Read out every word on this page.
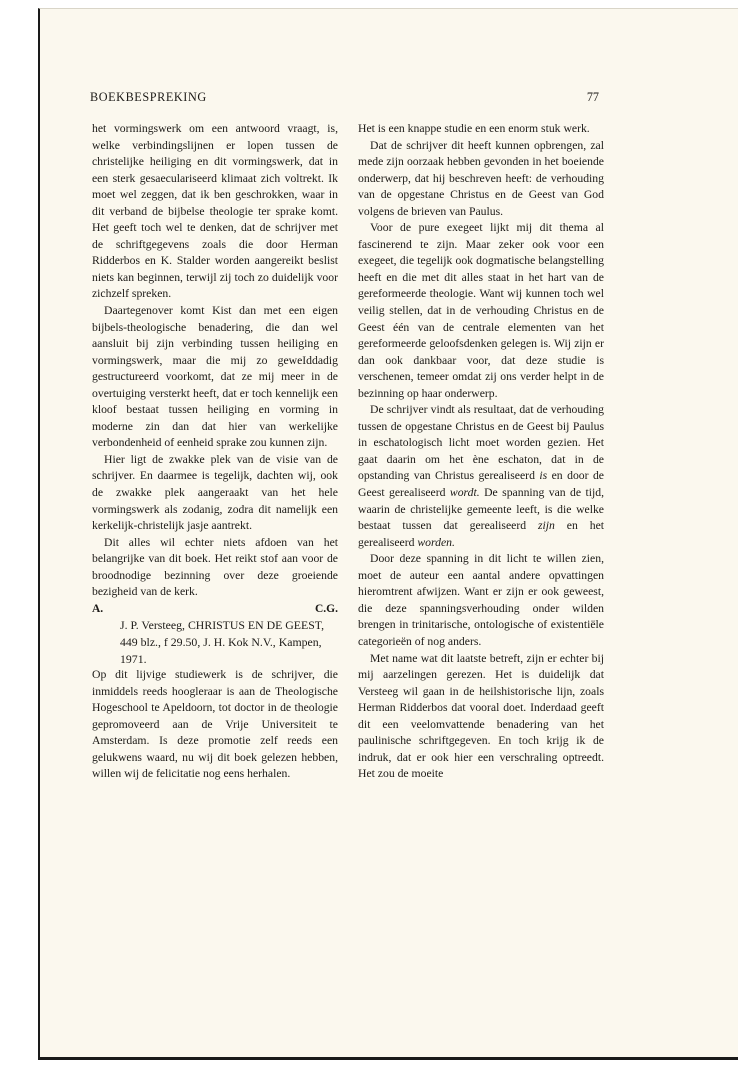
BOEKBESPREKING	77

het vormingswerk om een antwoord vraagt, is, welke verbindingslijnen er lopen tussen de christelijke heiliging en dit vormingswerk, dat in een sterk gesaeculariseerd klimaat zich voltrekt. Ik moet wel zeggen, dat ik ben geschrokken, waar in dit verband de bijbelse theologie ter sprake komt. Het geeft toch wel te denken, dat de schrijver met de schriftgegevens zoals die door Herman Ridderbos en K. Stalder worden aangereikt beslist niets kan beginnen, terwijl zij toch zo duidelijk voor zichzelf spreken.

Daartegenover komt Kist dan met een eigen bijbels-theologische benadering, die dan wel aansluit bij zijn verbinding tussen heiliging en vormingswerk, maar die mij zo geweIddadig gestructureerd voorkomt, dat ze mij meer in de overtuiging versterkt heeft, dat er toch kennelijk een kloof bestaat tussen heiliging en vorming in moderne zin dan dat hier van werkelijke verbondenheid of eenheid sprake zou kunnen zijn.

Hier ligt de zwakke plek van de visie van de schrijver. En daarmee is tegelijk, dachten wij, ook de zwakke plek aangeraakt van het hele vormingswerk als zodanig, zodra dit namelijk een kerkelijk-christelijk jasje aantrekt.

Dit alles wil echter niets afdoen van het belangrijke van dit boek. Het reikt stof aan voor de broodnodige bezinning over deze groeiende bezigheid van de kerk.

A.	C.G.

J. P. Versteeg, CHRISTUS EN DE GEEST, 449 blz., f 29.50, J. H. Kok N.V., Kampen, 1971.

Op dit lijvige studiewerk is de schrijver, die inmiddels reeds hoogleraar is aan de Theologische Hogeschool te Apeldoorn, tot doctor in de theologie gepromoveerd aan de Vrije Universiteit te Amsterdam. Is deze promotie zelf reeds een gelukwens waard, nu wij dit boek gelezen hebben, willen wij de felicitatie nog eens herhalen.

Het is een knappe studie en een enorm stuk werk.

Dat de schrijver dit heeft kunnen opbrengen, zal mede zijn oorzaak hebben gevonden in het boeiende onderwerp, dat hij beschreven heeft: de verhouding van de opgestane Christus en de Geest van God volgens de brieven van Paulus.

Voor de pure exegeet lijkt mij dit thema al fascinerend te zijn. Maar zeker ook voor een exegeet, die tegelijk ook dogmatische belangstelling heeft en die met dit alles staat in het hart van de gereformeerde theologie. Want wij kunnen toch wel veilig stellen, dat in de verhouding Christus en de Geest één van de centrale elementen van het gereformeerde geloofsdenken gelegen is. Wij zijn er dan ook dankbaar voor, dat deze studie is verschenen, temeer omdat zij ons verder helpt in de bezinning op haar onderwerp.

De schrijver vindt als resultaat, dat de verhouding tussen de opgestane Christus en de Geest bij Paulus in eschatologisch licht moet worden gezien. Het gaat daarin om het ène eschaton, dat in de opstanding van Christus gerealiseerd is en door de Geest gerealiseerd wordt. De spanning van de tijd, waarin de christelijke gemeente leeft, is die welke bestaat tussen dat gerealiseerd zijn en het gerealiseerd worden.

Door deze spanning in dit licht te willen zien, moet de auteur een aantal andere opvattingen hieromtrent afwijzen. Want er zijn er ook geweest, die deze spanningsverhouding onder wilden brengen in trinitarische, ontologische of existentiële categorieën of nog anders.

Met name wat dit laatste betreft, zijn er echter bij mij aarzelingen gerezen. Het is duidelijk dat Versteeg wil gaan in de heilshistorische lijn, zoals Herman Ridderbos dat vooral doet. Inderdaad geeft dit een veelomvattende benadering van het paulinische schriftgegeven. En toch krijg ik de indruk, dat er ook hier een verschraling optreedt. Het zou de moeite
